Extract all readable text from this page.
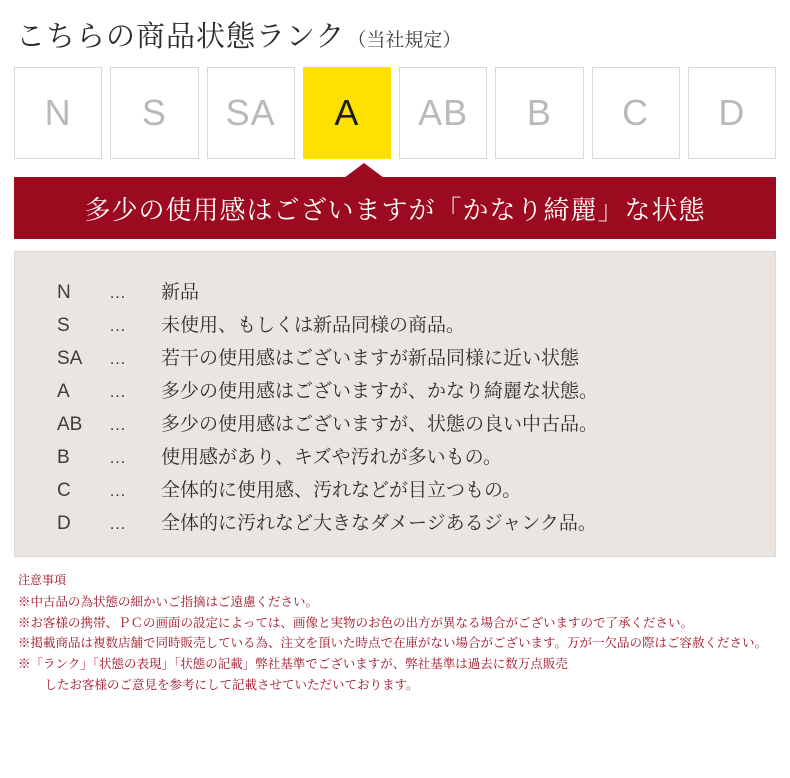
こちらの商品状態ランク （当社規定）
N	S	SA	A	AB	B	C	D
多少の使用感はございますが「かなり綺麗」な状態
N	…	新品
S	…	未使用、もしくは新品同様の商品。
SA	…	若干の使用感はございますが新品同様に近い状態
A	…	多少の使用感はございますが、かなり綺麗な状態。
AB	…	多少の使用感はございますが、状態の良い中古品。
B	…	使用感があり、キズや汚れが多いもの。
C	…	全体的に使用感、汚れなどが目立つもの。
D	…	全体的に汚れなど大きなダメージあるジャンク品。
注意事項
※中古品の為状態の細かいご指摘はご遠慮ください。
※お客様の携帯、ＰＣの画面の設定によっては、画像と実物のお色の出方が異なる場合がございますので了承ください。
※掲載商品は複数店舗で同時販売している為、注文を頂いた時点で在庫がない場合がございます。万が一欠品の際はご容赦ください。
※「ランク」「状態の表現」「状態の記載」弊社基準でございますが、弊社基準は過去に数万点販売
　したお客様のご意見を参考にして記載させていただいております。
